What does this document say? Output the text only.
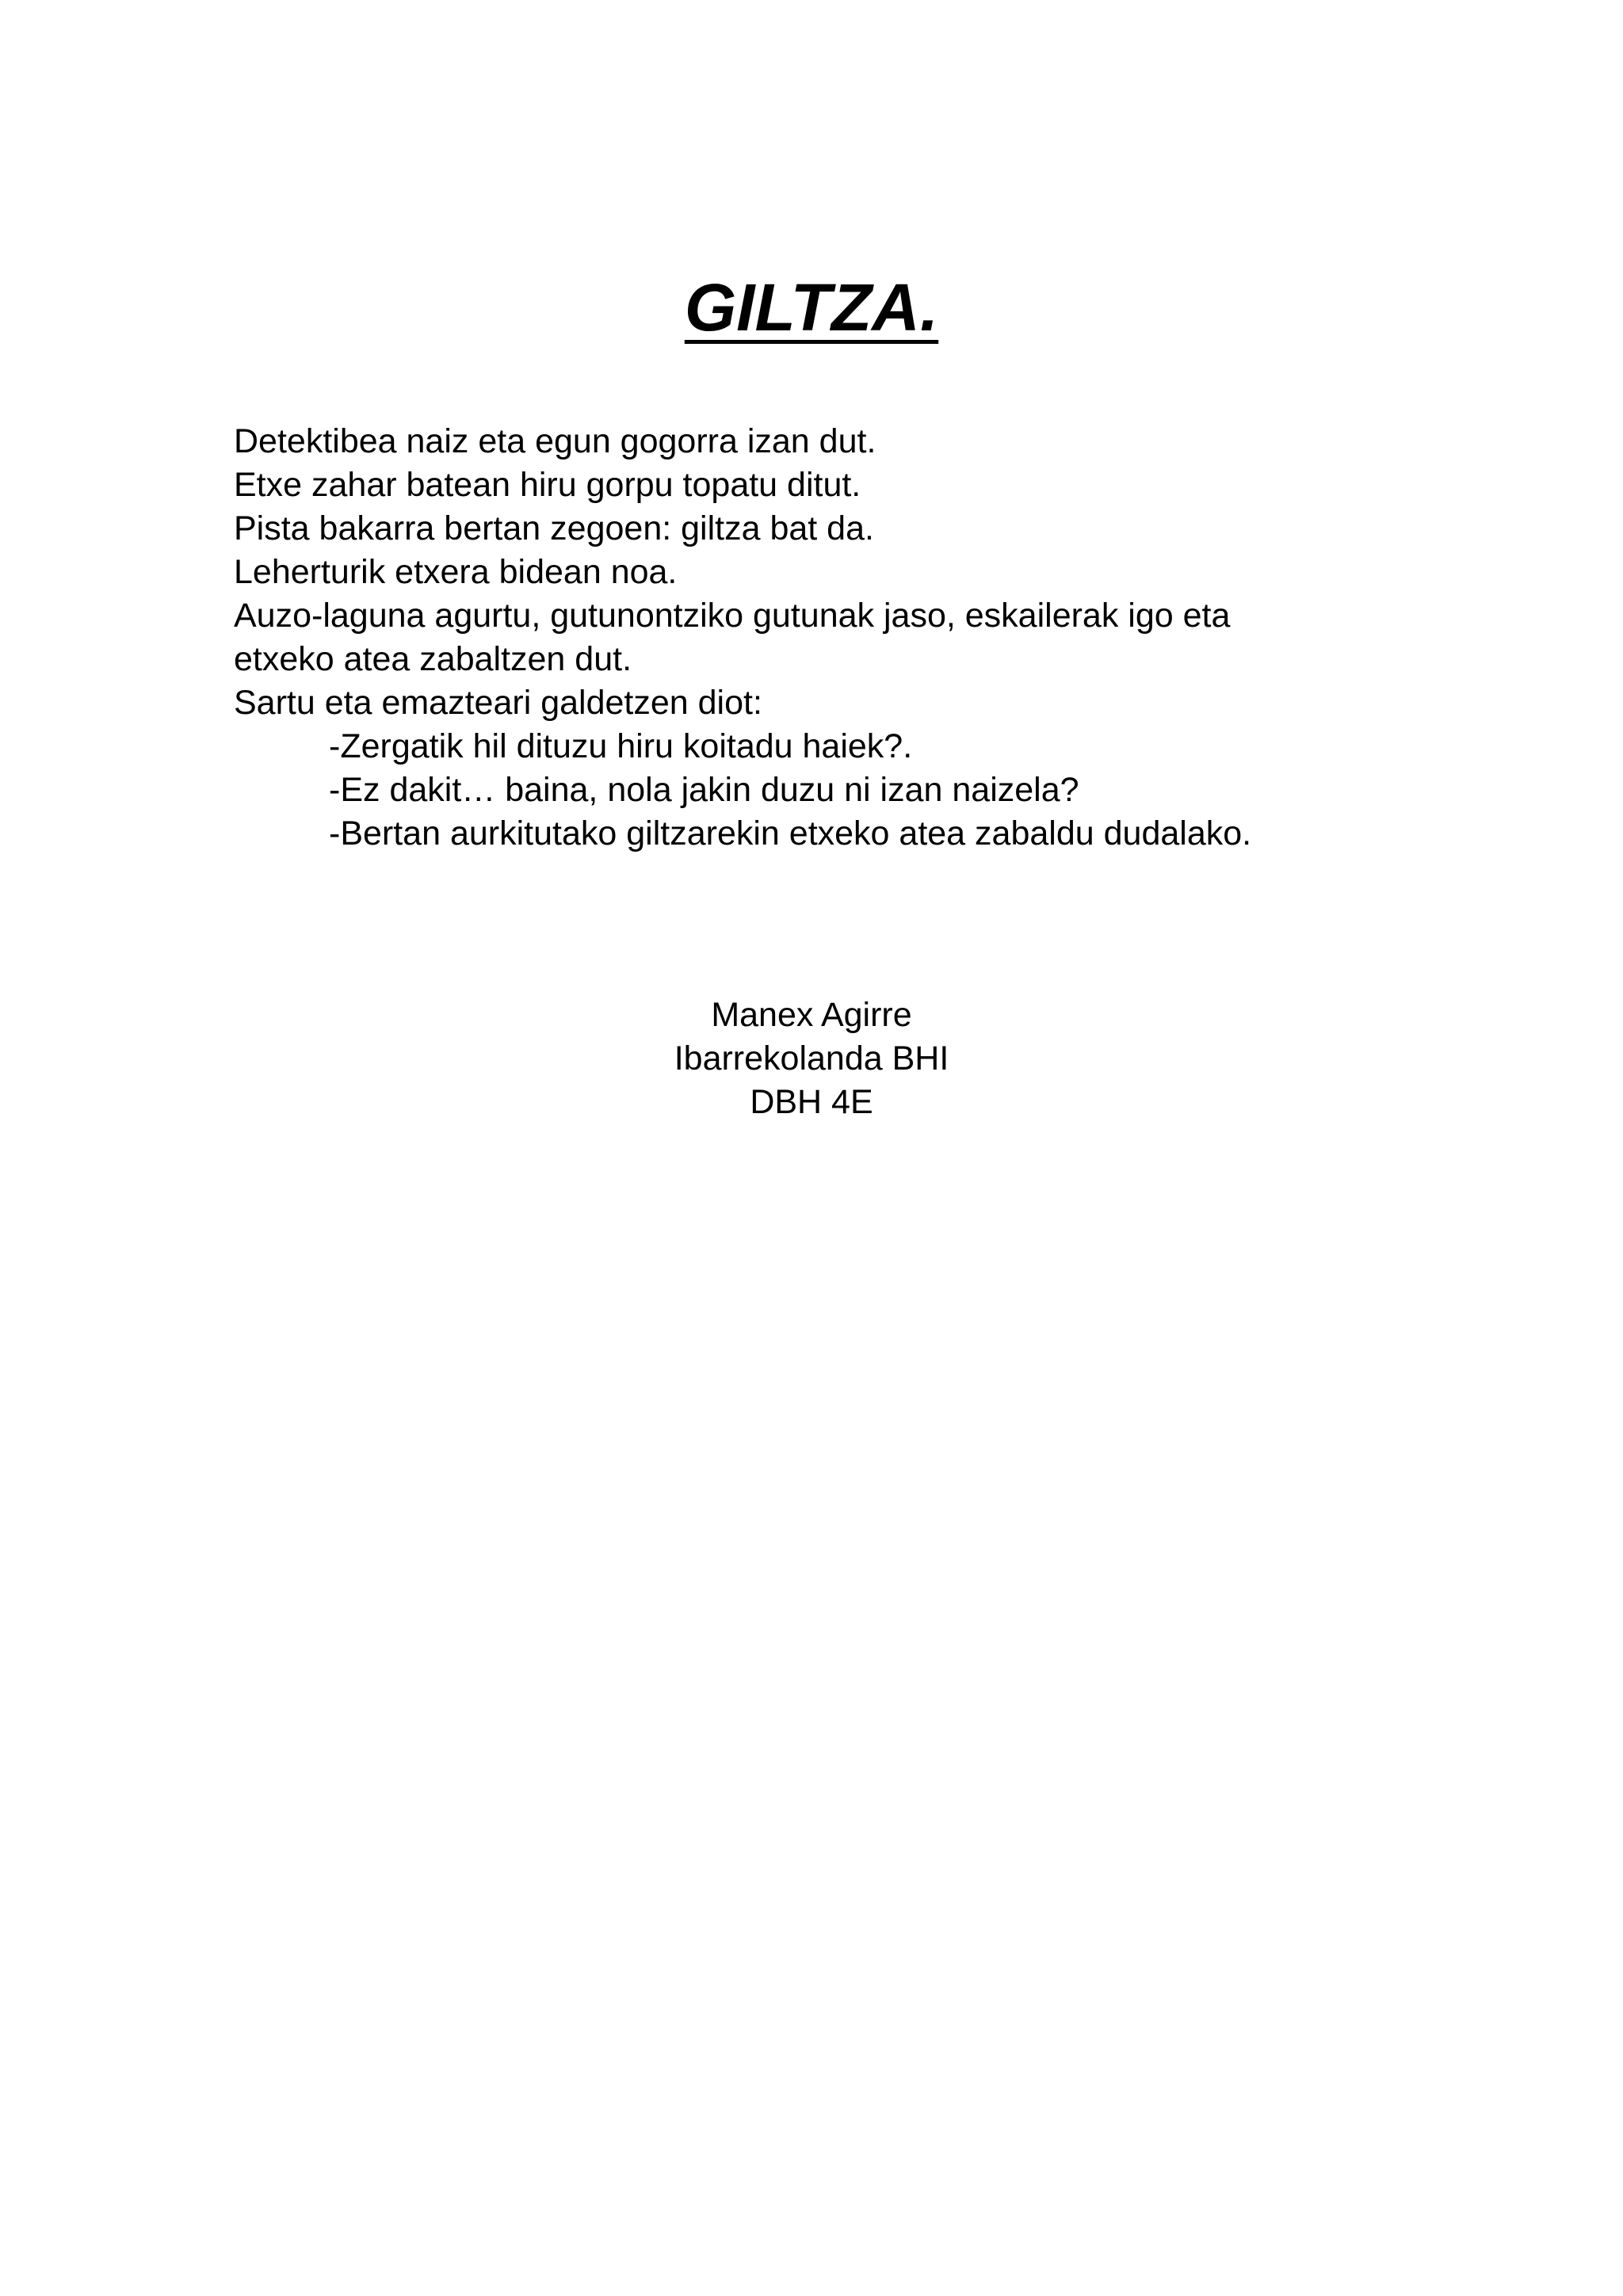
GILTZA.
Detektibea naiz eta egun gogorra izan dut.
Etxe zahar batean hiru gorpu topatu ditut.
Pista bakarra bertan zegoen: giltza bat da.
Leherturik etxera bidean noa.
Auzo-laguna agurtu, gutunontziko gutunak jaso, eskailerak igo eta
etxeko atea zabaltzen dut.
Sartu eta emazteari galdetzen diot:
-Zergatik hil dituzu hiru koitadu haiek?.
-Ez dakit… baina, nola jakin duzu ni izan naizela?
-Bertan aurkitutako giltzarekin etxeko atea zabaldu dudalako.
Manex Agirre
Ibarrekolanda BHI
DBH 4E
